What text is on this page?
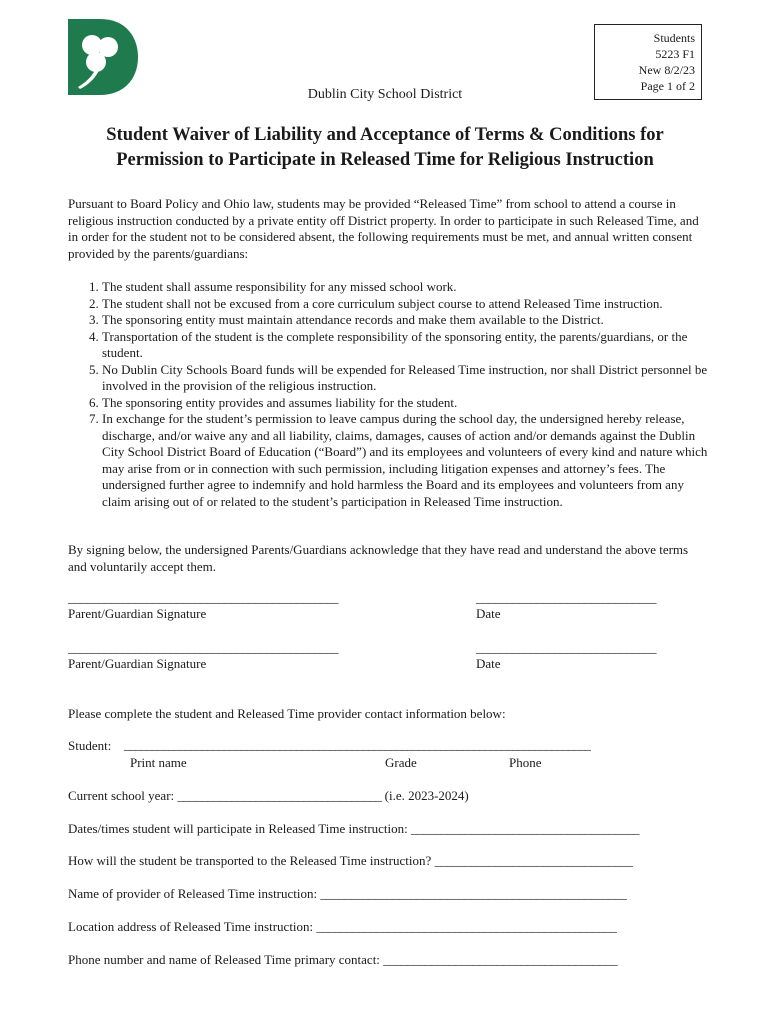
Students
5223 F1
New 8/2/23
Page 1 of 2
Dublin City School District
Student Waiver of Liability and Acceptance of Terms & Conditions for
Permission to Participate in Released Time for Religious Instruction
Pursuant to Board Policy and Ohio law, students may be provided “Released Time” from school to attend a course in religious instruction conducted by a private entity off District property. In order to participate in such Released Time, and in order for the student not to be considered absent, the following requirements must be met, and annual written consent provided by the parents/guardians:
1. The student shall assume responsibility for any missed school work.
2. The student shall not be excused from a core curriculum subject course to attend Released Time instruction.
3. The sponsoring entity must maintain attendance records and make them available to the District.
4. Transportation of the student is the complete responsibility of the sponsoring entity, the parents/guardians, or the student.
5. No Dublin City Schools Board funds will be expended for Released Time instruction, nor shall District personnel be involved in the provision of the religious instruction.
6. The sponsoring entity provides and assumes liability for the student.
7. In exchange for the student’s permission to leave campus during the school day, the undersigned hereby release, discharge, and/or waive any and all liability, claims, damages, causes of action and/or demands against the Dublin City School District Board of Education (“Board”) and its employees and volunteers of every kind and nature which may arise from or in connection with such permission, including litigation expenses and attorney’s fees. The undersigned further agree to indemnify and hold harmless the Board and its employees and volunteers from any claim arising out of or related to the student’s participation in Released Time instruction.
By signing below, the undersigned Parents/Guardians acknowledge that they have read and understand the above terms and voluntarily accept them.
_____________________________________________	______________________________
Parent/Guardian Signature	Date
_____________________________________________	______________________________
Parent/Guardian Signature	Date
Please complete the student and Released Time provider contact information below:
Student: ____________________________________________________________________________________
Print name	Grade	Phone
Current school year: __________________________________ (i.e. 2023-2024)
Dates/times student will participate in Released Time instruction: ______________________________________
How will the student be transported to the Released Time instruction? _________________________________
Name of provider of Released Time instruction: ___________________________________________________
Location address of Released Time instruction: __________________________________________________
Phone number and name of Released Time primary contact: _______________________________________
